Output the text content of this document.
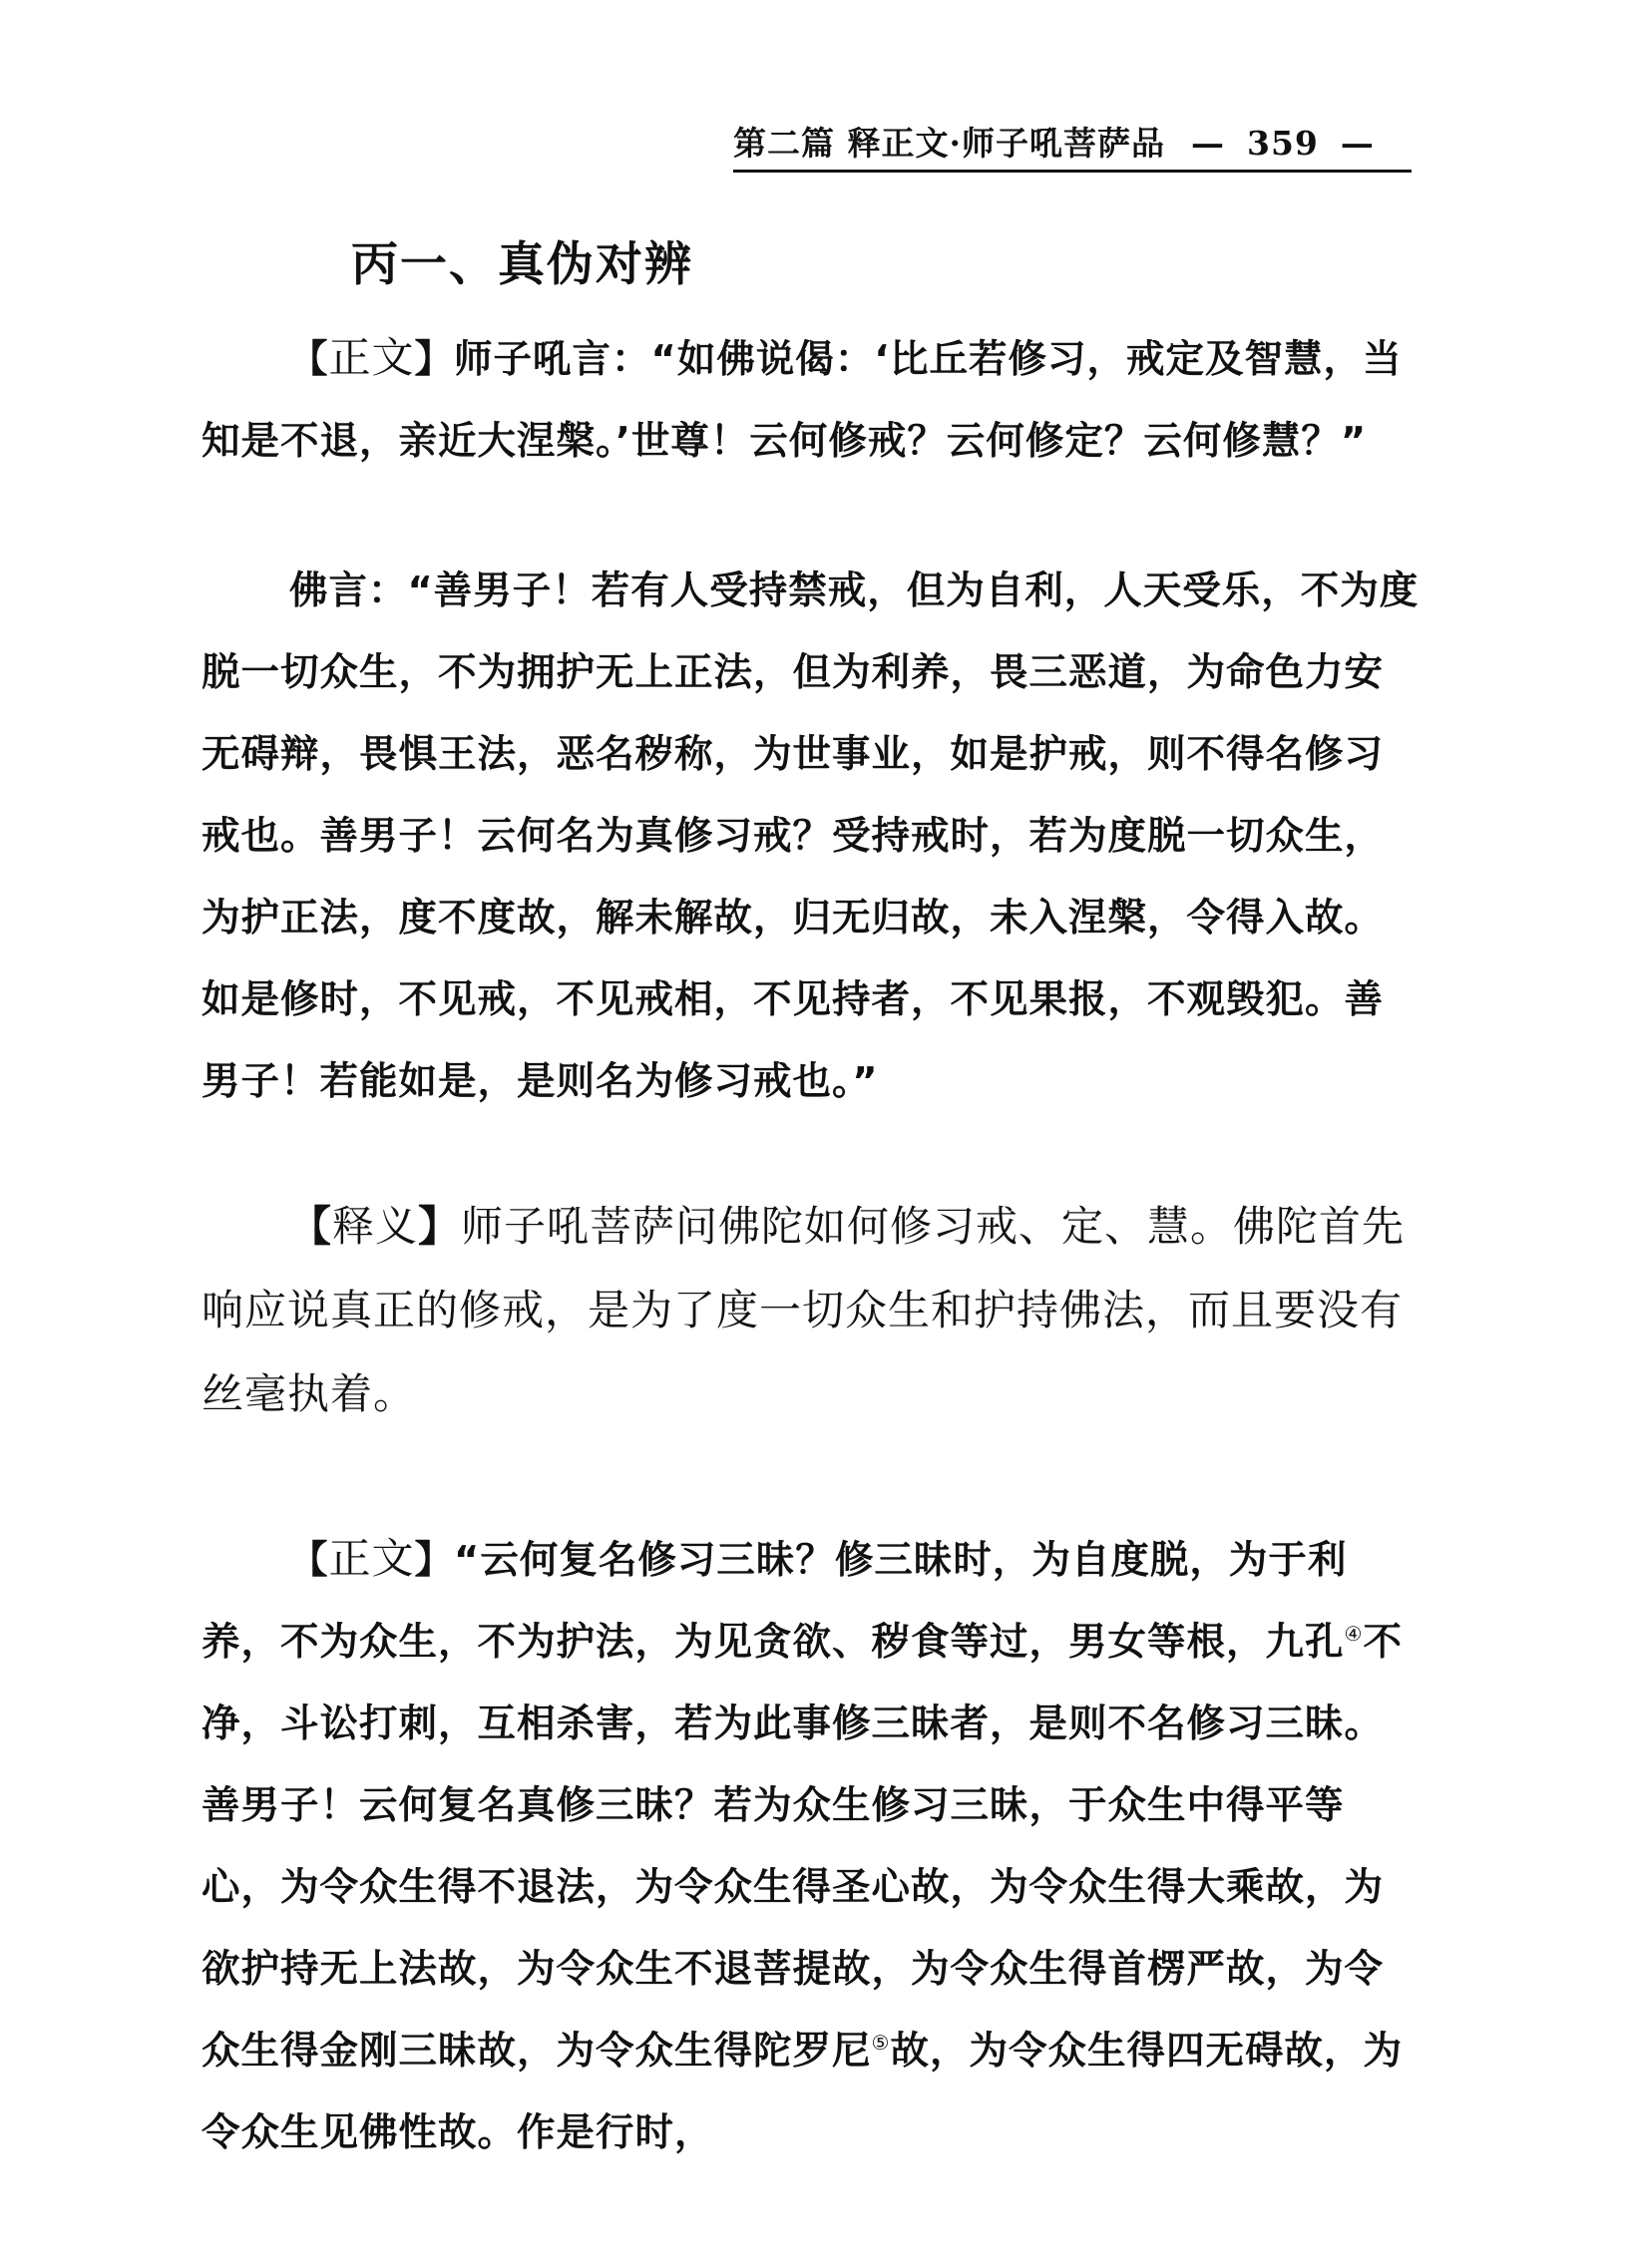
第二篇 释正文·师子吼菩萨品 — 359 —
丙一、真伪对辨

【正文】师子吼言：“如佛说偈：‘比丘若修习，戒定及智慧，当知是不退，亲近大涅槃。’世尊！云何修戒？云何修定？云何修慧？”

佛言：“善男子！若有人受持禁戒，但为自利，人天受乐，不为度脱一切众生，不为拥护无上正法，但为利养，畏三恶道，为命色力安无碍辩，畏惧王法，恶名秽称，为世事业，如是护戒，则不得名修习戒也。善男子！云何名为真修习戒？受持戒时，若为度脱一切众生，为护正法，度不度故，解未解故，归无归故，未入涅槃，令得入故。如是修时，不见戒，不见戒相，不见持者，不见果报，不观毁犯。善男子！若能如是，是则名为修习戒也。”

【释义】师子吼菩萨问佛陀如何修习戒、定、慧。佛陀首先响应说真正的修戒，是为了度一切众生和护持佛法，而且要没有丝毫执着。

【正文】“云何复名修习三昧？修三昧时，为自度脱，为于利养，不为众生，不为护法，为见贪欲、秽食等过，男女等根，九孔④不净，斗讼打刺，互相杀害，若为此事修三昧者，是则不名修习三昧。善男子！云何复名真修三昧？若为众生修习三昧，于众生中得平等心，为令众生得不退法，为令众生得圣心故，为令众生得大乘故，为欲护持无上法故，为令众生不退菩提故，为令众生得首楞严故，为令众生得金刚三昧故，为令众生得陀罗尼⑤故，为令众生得四无碍故，为令众生见佛性故。作是行时，
